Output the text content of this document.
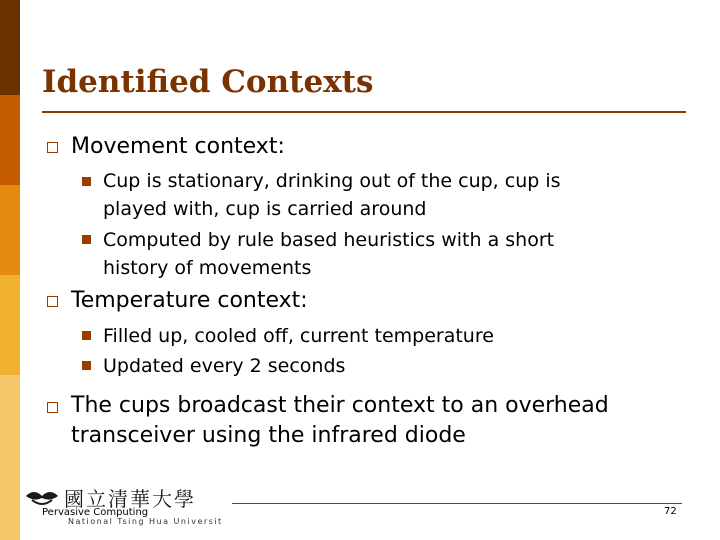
Identified Contexts
Movement context:
Cup is stationary, drinking out of the cup, cup is
played with, cup is carried around
Computed by rule based heuristics with a short
history of movements
Temperature context:
Filled up, cooled off, current temperature
Updated every 2 seconds
The cups broadcast their context to an overhead
transceiver using the infrared diode
國立清華大學
National Tsing Hua University
Pervasive Computing	72
